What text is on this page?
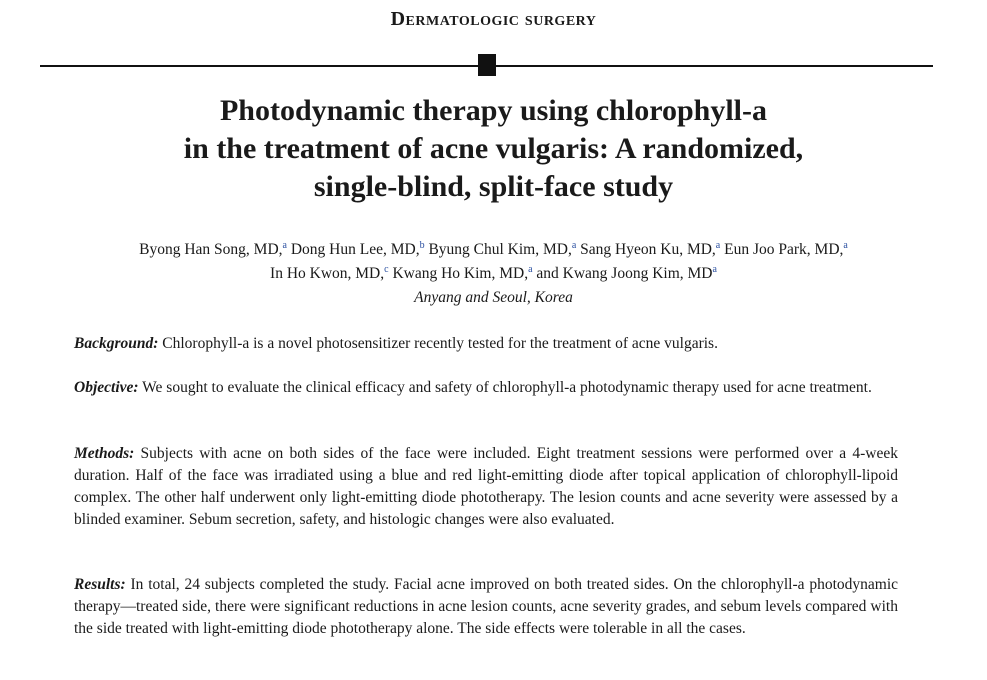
Dermatologic surgery
Photodynamic therapy using chlorophyll-a
in the treatment of acne vulgaris: A randomized,
single-blind, split-face study
Byong Han Song, MD,$^a$ Dong Hun Lee, MD,$^b$ Byung Chul Kim, MD,$^a$ Sang Hyeon Ku, MD,$^a$ Eun Joo Park, MD,$^a$
In Ho Kwon, MD,$^c$ Kwang Ho Kim, MD,$^a$ and Kwang Joong Kim, $MD^a$
Anyang and Seoul, Korea
Background: Chlorophyll-a is a novel photosensitizer recently tested for the treatment of acne vulgaris.
Objective: We sought to evaluate the clinical efficacy and safety of chlorophyll-a photodynamic therapy used for acne treatment.
Methods: Subjects with acne on both sides of the face were included. Eight treatment sessions were performed over a 4-week duration. Half of the face was irradiated using a blue and red light-emitting diode after topical application of chlorophyll-lipoid complex. The other half underwent only light-emitting diode phototherapy. The lesion counts and acne severity were assessed by a blinded examiner. Sebum secretion, safety, and histologic changes were also evaluated.
Results: In total, 24 subjects completed the study. Facial acne improved on both treated sides. On the chlorophyll-a photodynamic therapy—treated side, there were significant reductions in acne lesion counts, acne severity grades, and sebum levels compared with the side treated with light-emitting diode phototherapy alone. The side effects were tolerable in all the cases.
